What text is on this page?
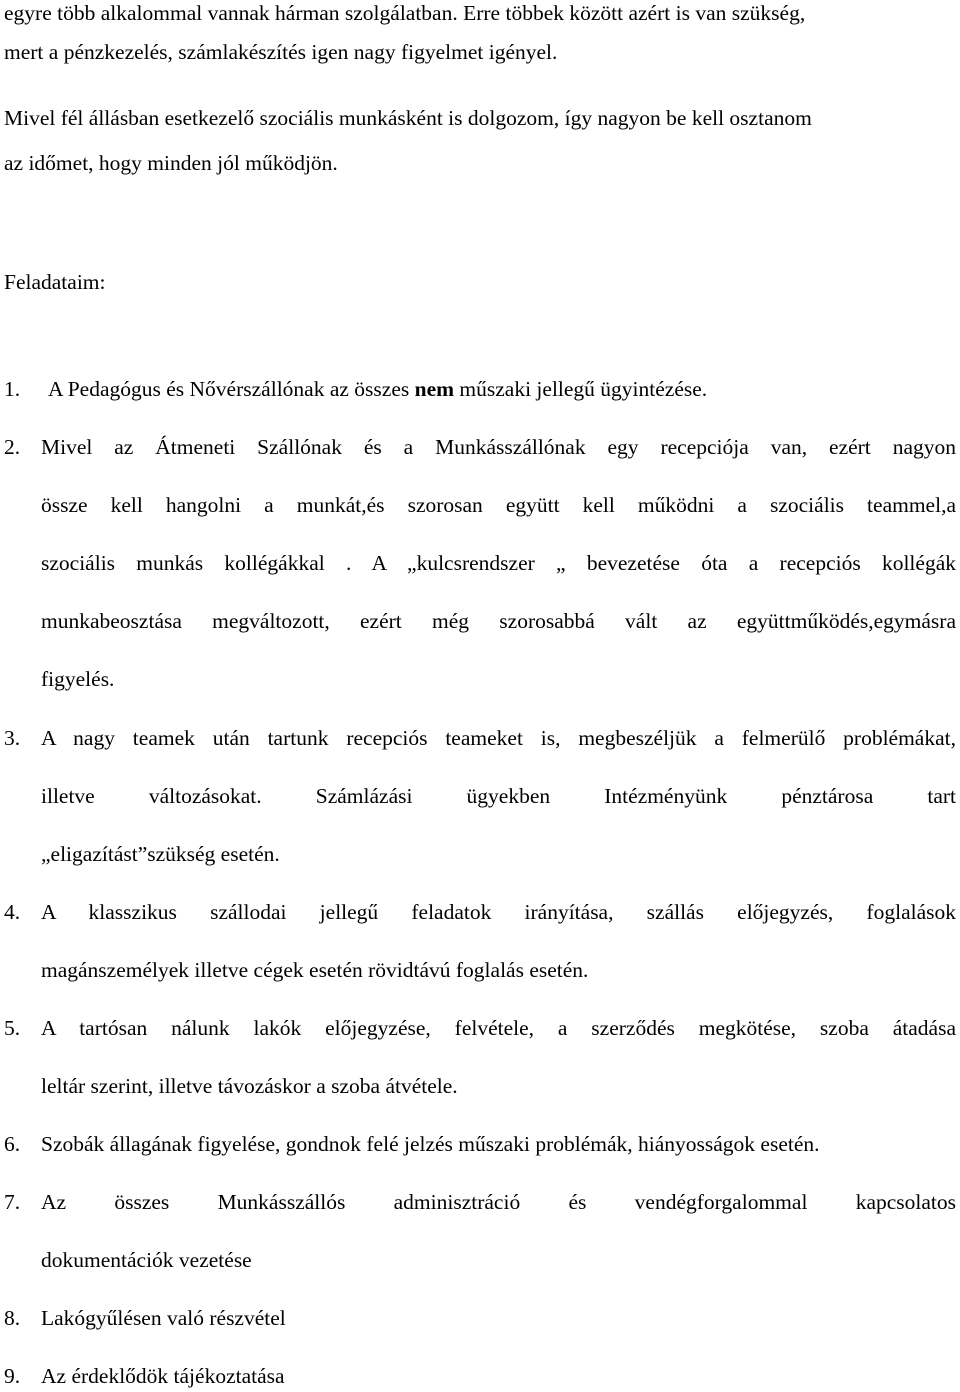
egyre több alkalommal vannak hárman szolgálatban. Erre többek között azért is van szükség,
mert a pénzkezelés, számlakészítés igen nagy figyelmet igényel.
Mivel fél állásban esetkezelő szociális munkásként is dolgozom, így nagyon be kell osztanom
az időmet, hogy minden jól működjön.
Feladataim:
1. A Pedagógus és Nővérszállónak az összes nem műszaki jellegű ügyintézése.
2. Mivel az Átmeneti Szállónak és a Munkásszállónak egy recepciója van, ezért nagyon
össze kell hangolni a munkát,és szorosan együtt kell működni a szociális teammel,a
szociális munkás kollégákkal . A „kulcsrendszer „ bevezetése óta a recepciós kollégák
munkabeosztása megváltozott, ezért még szorosabbá vált az együttműködés,egymásra
figyelés.
3. A nagy teamek után tartunk recepciós teameket is, megbeszéljük a felmerülő problémákat,
illetve változásokat. Számlázási ügyekben Intézményünk pénztárosa tart
„eligazítást”szükség esetén.
4. A klasszikus szállodai jellegű feladatok irányítása, szállás előjegyzés, foglalások
magánszemélyek illetve cégek esetén rövidtávú foglalás esetén.
5. A tartósan nálunk lakók előjegyzése, felvétele, a szerződés megkötése, szoba átadása
leltár szerint, illetve távozáskor a szoba átvétele.
6. Szobák állagának figyelése, gondnok felé jelzés műszaki problémák, hiányosságok esetén.
7. Az összes Munkásszállós adminisztráció és vendégforgalommal kapcsolatos
dokumentációk vezetése
8. Lakógyűlésen való részvétel
9. Az érdeklődök tájékoztatása
